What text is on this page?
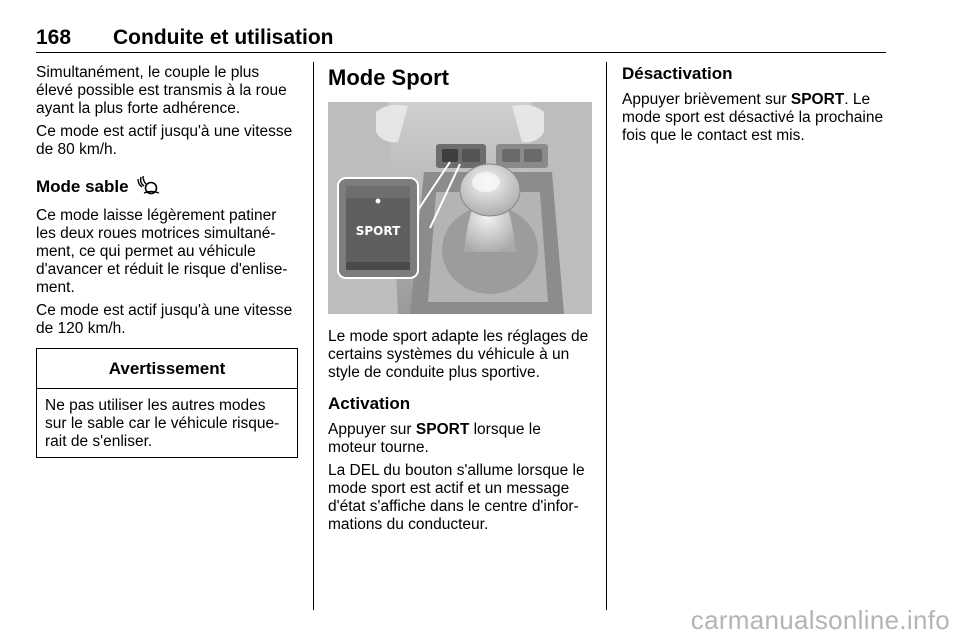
168 Conduite et utilisation

Simultanément, le couple le plus élevé possible est transmis à la roue ayant la plus forte adhérence.

Ce mode est actif jusqu'à une vitesse de 80 km/h.

Mode sable

Ce mode laisse légèrement patiner les deux roues motrices simultané-ment, ce qui permet au véhicule d'avancer et réduit le risque d'enlise-ment.

Ce mode est actif jusqu'à une vitesse de 120 km/h.

Avertissement

Ne pas utiliser les autres modes sur le sable car le véhicule risque-rait de s'enliser.

Mode Sport
SPORT

Le mode sport adapte les réglages de certains systèmes du véhicule à un style de conduite plus sportive.

Activation

Appuyer sur SPORT lorsque le moteur tourne.

La DEL du bouton s'allume lorsque le mode sport est actif et un message d'état s'affiche dans le centre d'infor-mations du conducteur.

Désactivation

Appuyer brièvement sur SPORT. Le mode sport est désactivé la prochaine fois que le contact est mis.

carmanualsonline.info
